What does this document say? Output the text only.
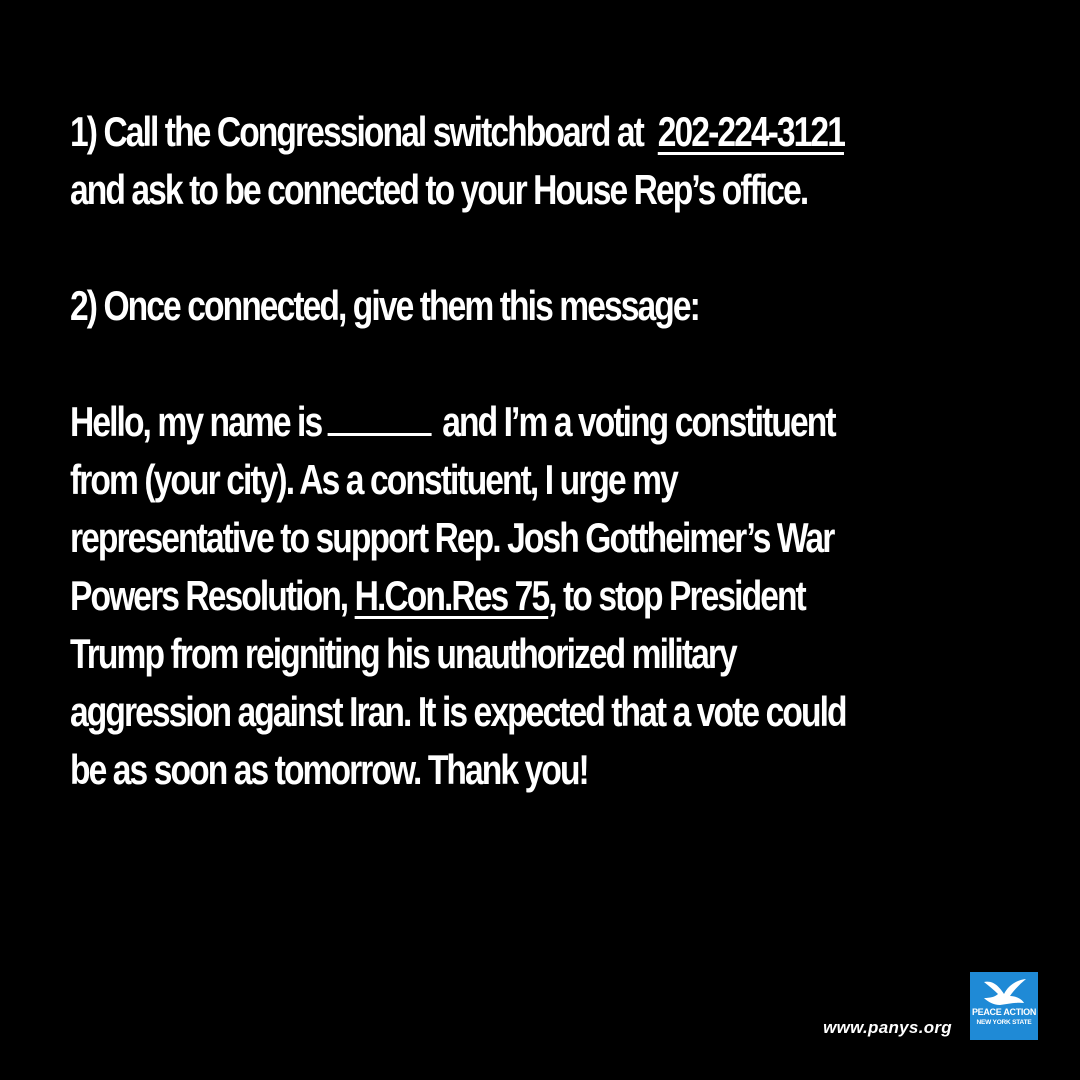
1) Call the Congressional switchboard at 202-224-3121

and ask to be connected to your House Rep’s office.

2) Once connected, give them this message:

Hello, my name is	and I’m a voting constituent

from (your city). As a constituent, I urge my

representative to support Rep. Josh Gottheimer’s War

Powers Resolution, H.Con.Res 75, to stop President

Trump from reigniting his unauthorized military

aggression against Iran. It is expected that a vote could

be as soon as tomorrow. Thank you!

www.panys.org
PEACE ACTION
NEW YORK STATE
